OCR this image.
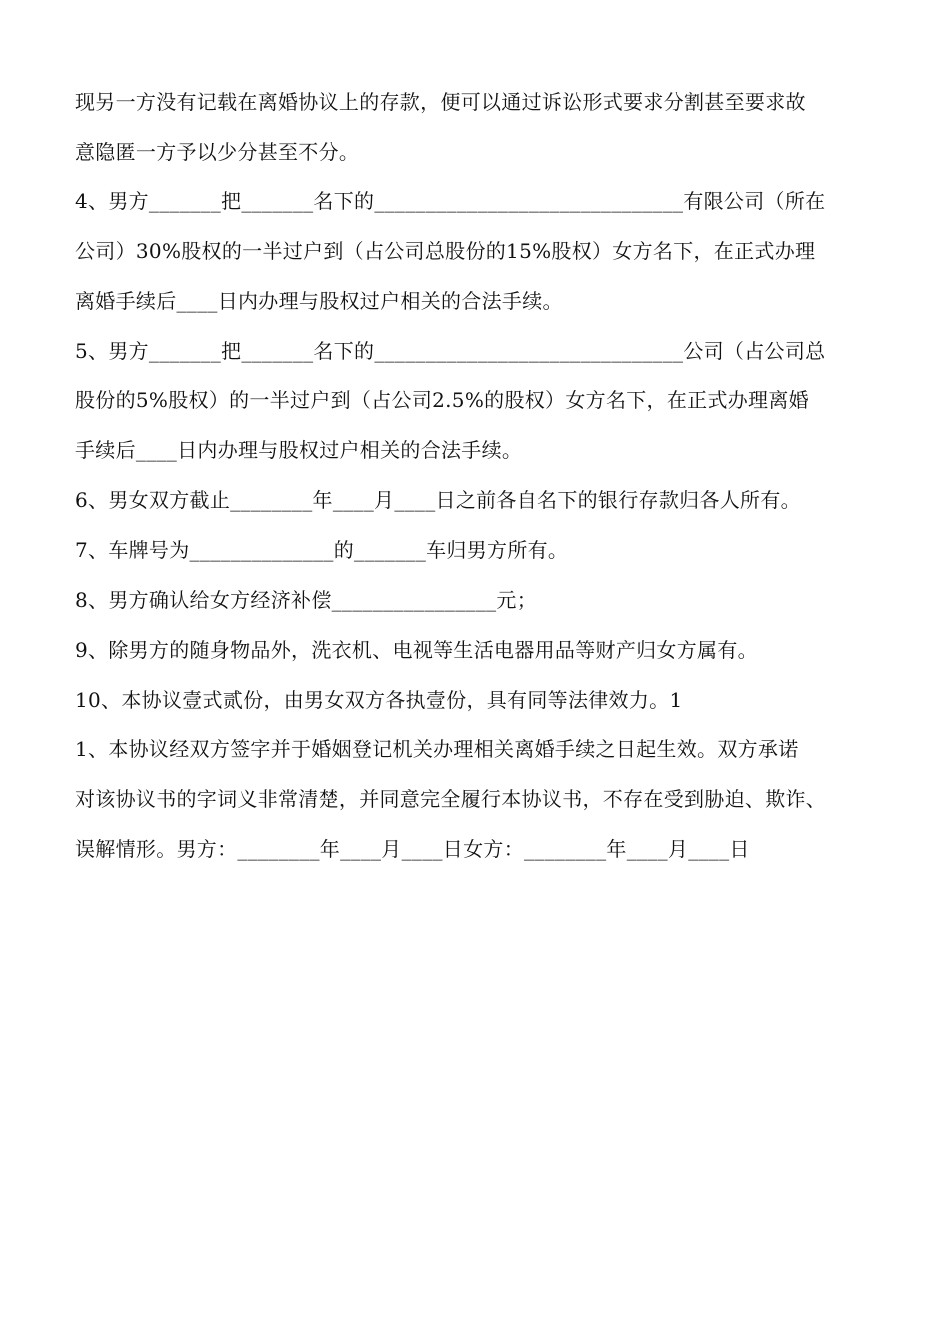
现另一方没有记载在离婚协议上的存款，便可以通过诉讼形式要求分割甚至要求故
意隐匿一方予以少分甚至不分。
4、男方_______把_______名下的______________________________有限公司（所在
公司）30%股权的一半过户到（占公司总股份的15%股权）女方名下，在正式办理
离婚手续后____日内办理与股权过户相关的合法手续。
5、男方_______把_______名下的______________________________公司（占公司总
股份的5%股权）的一半过户到（占公司2.5%的股权）女方名下，在正式办理离婚
手续后____日内办理与股权过户相关的合法手续。
6、男女双方截止________年____月____日之前各自名下的银行存款归各人所有。
7、车牌号为______________的_______车归男方所有。
8、男方确认给女方经济补偿________________元；
9、除男方的随身物品外，洗衣机、电视等生活电器用品等财产归女方属有。
10、本协议壹式贰份，由男女双方各执壹份，具有同等法律效力。1
1、本协议经双方签字并于婚姻登记机关办理相关离婚手续之日起生效。双方承诺
对该协议书的字词义非常清楚，并同意完全履行本协议书，不存在受到胁迫、欺诈、
误解情形。男方：________年____月____日女方：________年____月____日
